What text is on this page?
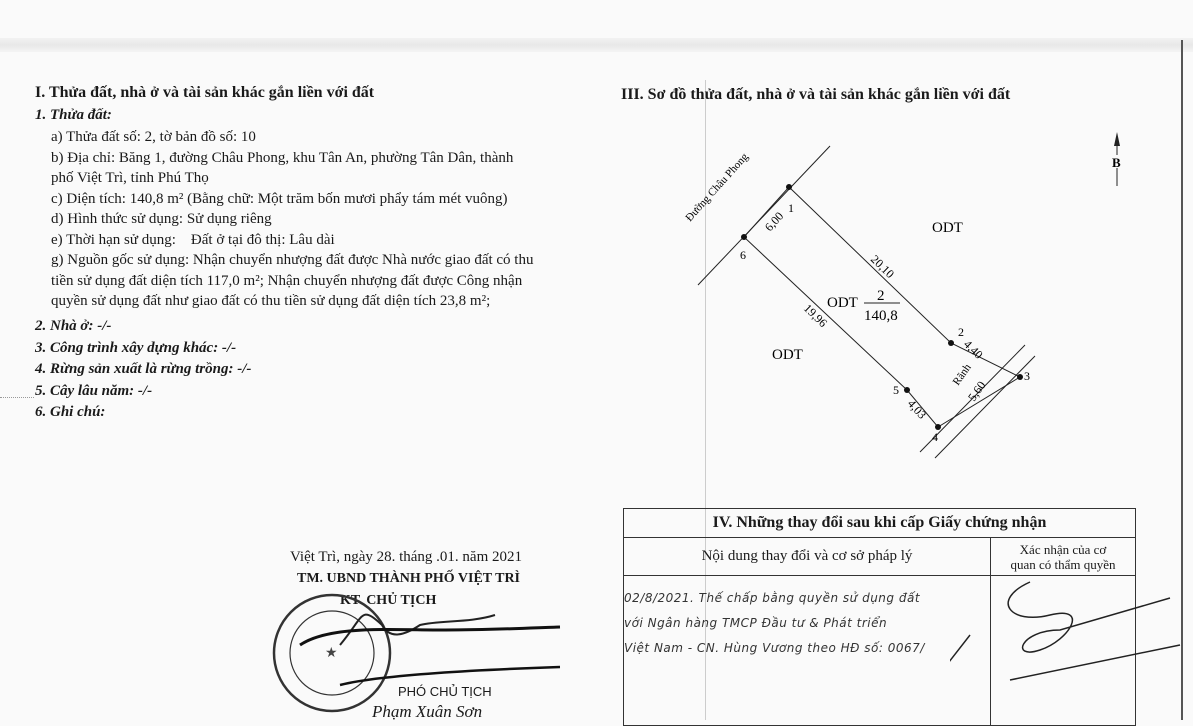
I. Thửa đất, nhà ở và tài sản khác gắn liền với đất
1. Thửa đất:
a) Thửa đất số: 2, tờ bản đồ số: 10
b) Địa chỉ: Băng 1, đường Châu Phong, khu Tân An, phường Tân Dân, thành
phố Việt Trì, tỉnh Phú Thọ
c) Diện tích: 140,8 m² (Bằng chữ: Một trăm bốn mươi phẩy tám mét vuông)
d) Hình thức sử dụng: Sử dụng riêng
e) Thời hạn sử dụng:    Đất ở tại đô thị: Lâu dài
g) Nguồn gốc sử dụng: Nhận chuyển nhượng đất được Nhà nước giao đất có thu
tiền sử dụng đất diện tích 117,0 m²; Nhận chuyển nhượng đất được Công nhận
quyền sử dụng đất như giao đất có thu tiền sử dụng đất diện tích 23,8 m²;
2. Nhà ở: -/-
3. Công trình xây dựng khác: -/-
4. Rừng sản xuất là rừng trồng: -/-
5. Cây lâu năm: -/-
6. Ghi chú:
III. Sơ đồ thửa đất, nhà ở và tài sản khác gắn liền với đất
Đường Châu Phong
Rãnh
1
2
3
4
5
6
6,00
20,10
4,40
5,60
4,03
19,96
ODT
ODT
ODT 2
140,8
B
Việt Trì, ngày 28. tháng .01. năm 2021
TM. UBND THÀNH PHỐ VIỆT TRÌ
KT. CHỦ TỊCH
★
PHÓ CHỦ TỊCH
Phạm Xuân Sơn
IV. Những thay đổi sau khi cấp Giấy chứng nhận	
Nội dung thay đổi và cơ sở pháp lý	Xác nhận của cơ
quan có thẩm quyền

02/8/2021. Thế chấp bằng quyền sử dụng đất
với Ngân hàng TMCP Đầu tư & Phát triển
Việt Nam - CN. Hùng Vương theo HĐ số: 0067/	
